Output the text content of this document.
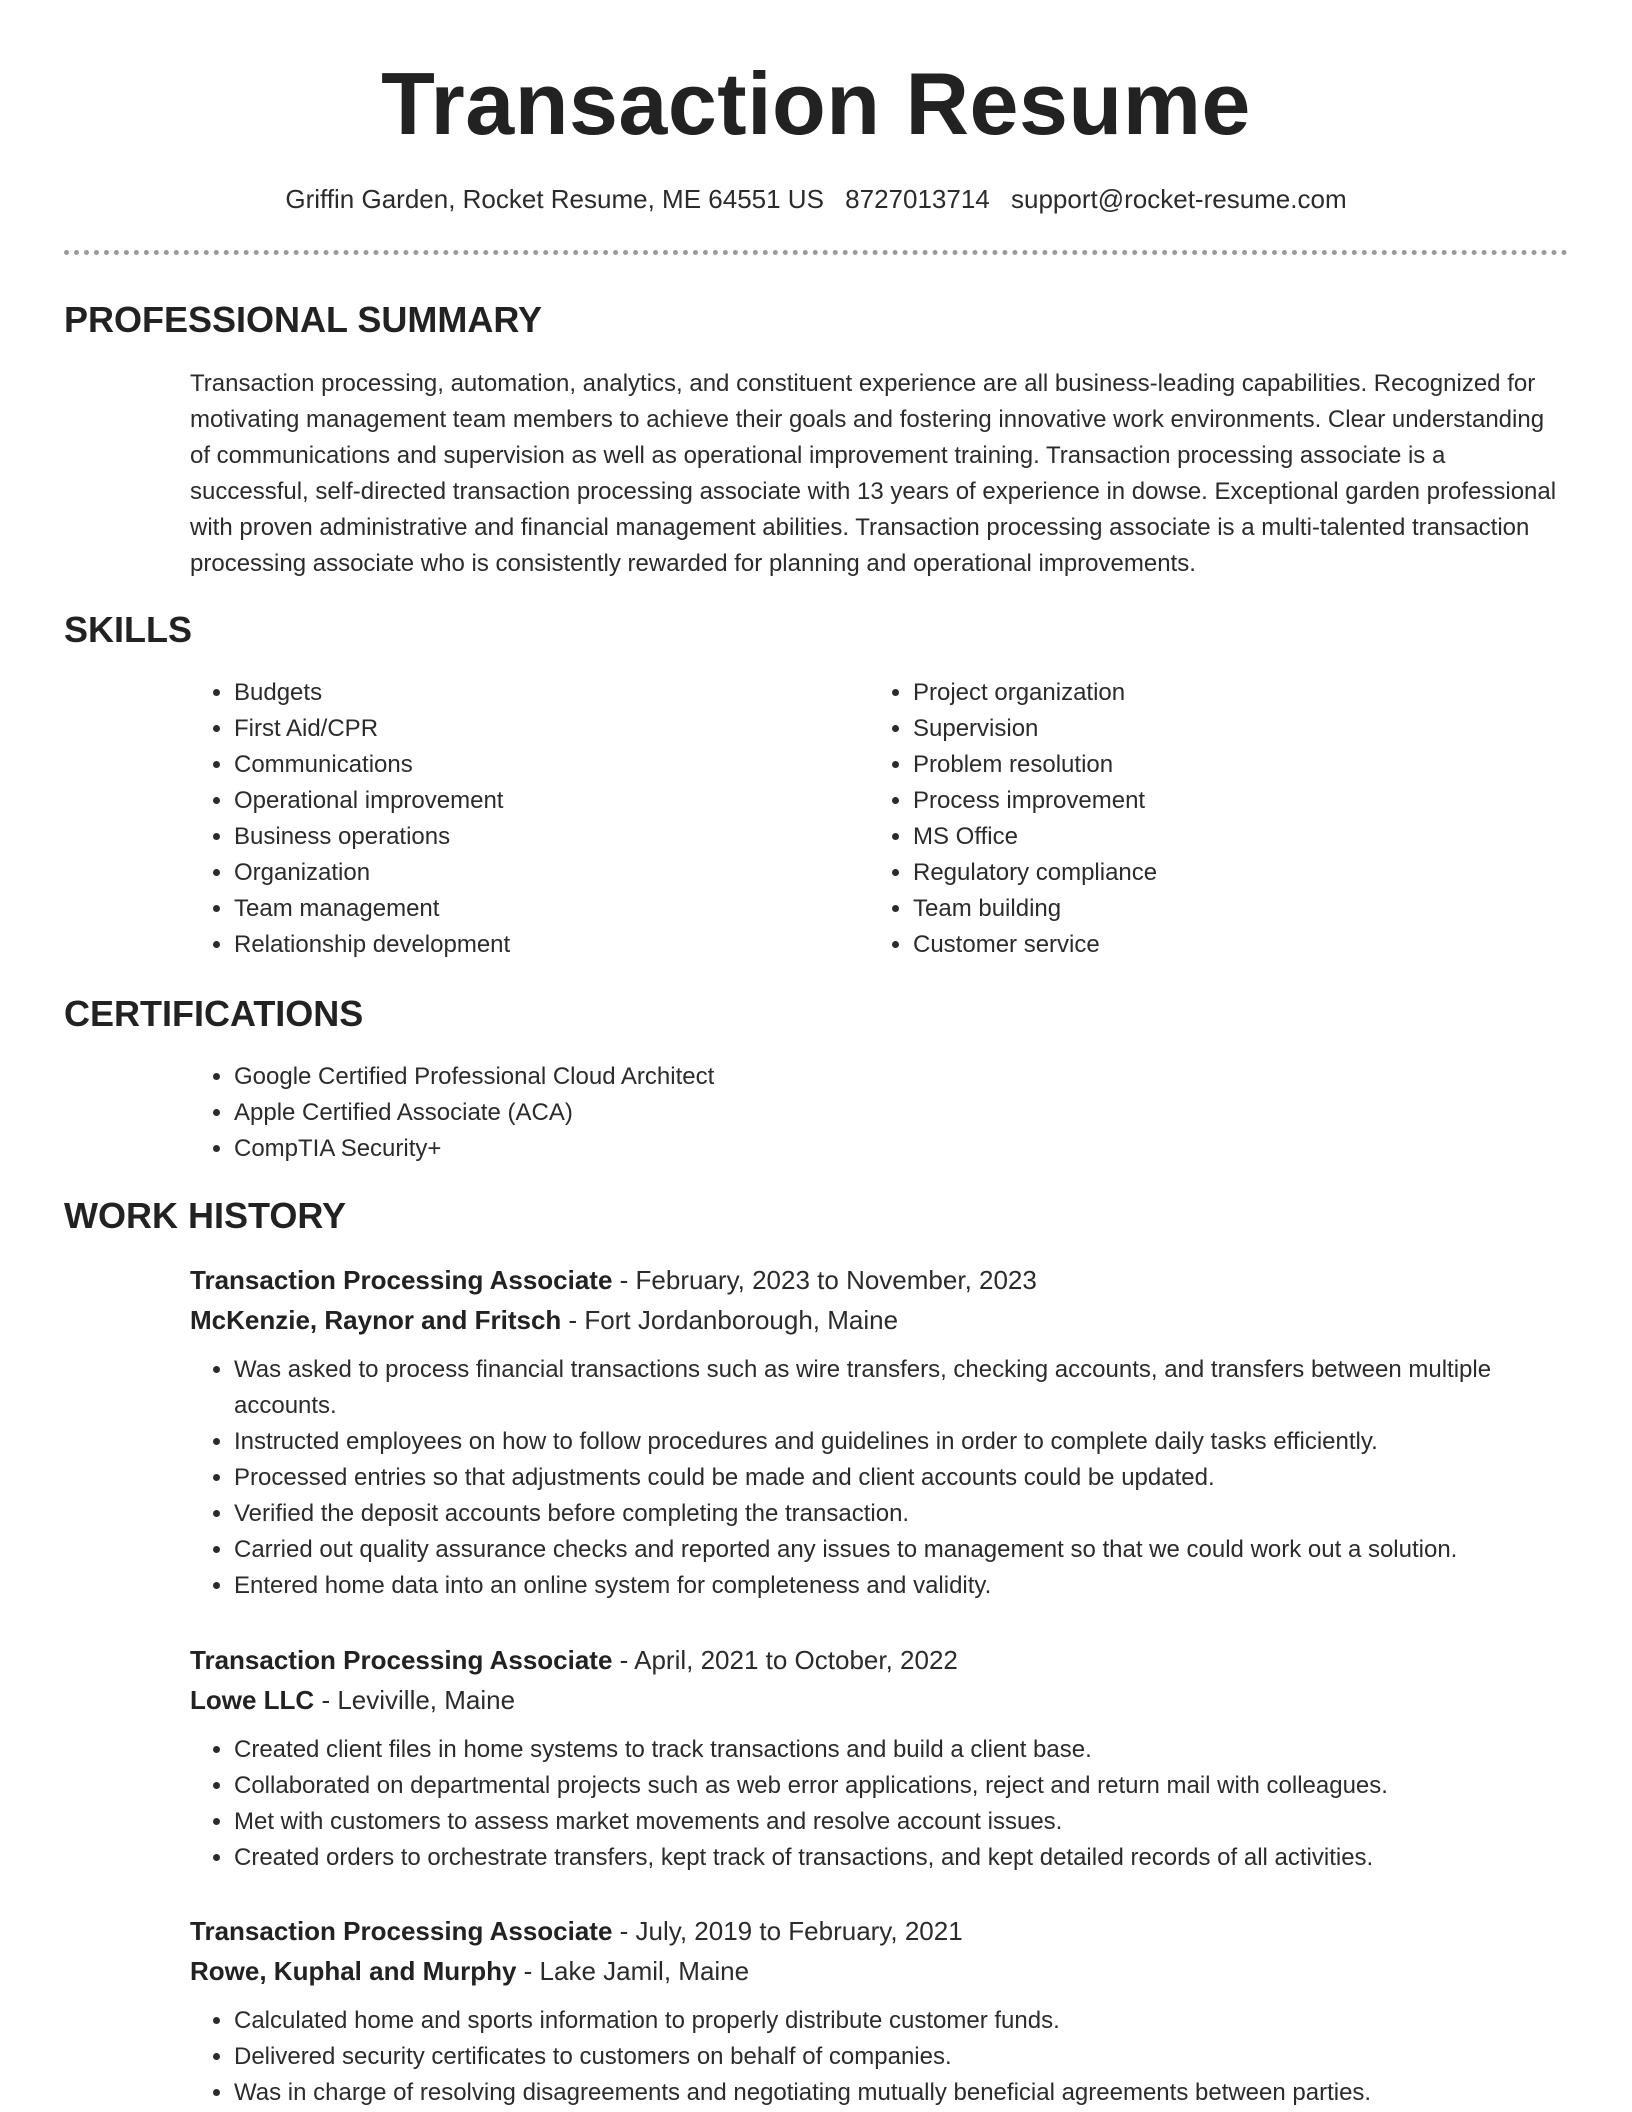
Transaction Resume
Griffin Garden, Rocket Resume, ME 64551 US 8727013714 support@rocket-resume.com
PROFESSIONAL SUMMARY

Transaction processing, automation, analytics, and constituent experience are all business-leading capabilities. Recognized for motivating management team members to achieve their goals and fostering innovative work environments. Clear understanding of communications and supervision as well as operational improvement training. Transaction processing associate is a successful, self-directed transaction processing associate with 13 years of experience in dowse. Exceptional garden professional with proven administrative and financial management abilities. Transaction processing associate is a multi-talented transaction processing associate who is consistently rewarded for planning and operational improvements.

SKILLS
• Budgets
• First Aid/CPR
• Communications
• Operational improvement
• Business operations
• Organization
• Team management
• Relationship development
• Project organization
• Supervision
• Problem resolution
• Process improvement
• MS Office
• Regulatory compliance
• Team building
• Customer service
CERTIFICATIONS
• Google Certified Professional Cloud Architect
• Apple Certified Associate (ACA)
• CompTIA Security+
WORK HISTORY
Transaction Processing Associate - February, 2023 to November, 2023
McKenzie, Raynor and Fritsch - Fort Jordanborough, Maine
• Was asked to process financial transactions such as wire transfers, checking accounts, and transfers between multiple accounts.
• Instructed employees on how to follow procedures and guidelines in order to complete daily tasks efficiently.
• Processed entries so that adjustments could be made and client accounts could be updated.
• Verified the deposit accounts before completing the transaction.
• Carried out quality assurance checks and reported any issues to management so that we could work out a solution.
• Entered home data into an online system for completeness and validity.
Transaction Processing Associate - April, 2021 to October, 2022
Lowe LLC - Leviville, Maine
• Created client files in home systems to track transactions and build a client base.
• Collaborated on departmental projects such as web error applications, reject and return mail with colleagues.
• Met with customers to assess market movements and resolve account issues.
• Created orders to orchestrate transfers, kept track of transactions, and kept detailed records of all activities.
Transaction Processing Associate - July, 2019 to February, 2021
Rowe, Kuphal and Murphy - Lake Jamil, Maine
• Calculated home and sports information to properly distribute customer funds.
• Delivered security certificates to customers on behalf of companies.
• Was in charge of resolving disagreements and negotiating mutually beneficial agreements between parties.
